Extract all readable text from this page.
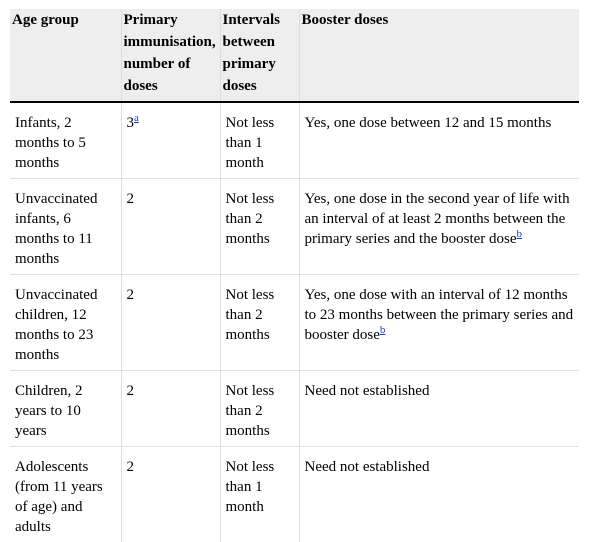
Age group	Primary immunisation, number of doses	Intervals between primary doses	Booster doses
Infants, 2 months to 5 months	3$^a$	Not less than 1 month	Yes, one dose between 12 and 15 months
Unvaccinated infants, 6 months to 11 months	2	Not less than 2 months	Yes, one dose in the second year of life with an interval of at least 2 months between the primary series and the booster dose$^b$
Unvaccinated children, 12 months to 23 months	2	Not less than 2 months	Yes, one dose with an interval of 12 months to 23 months between the primary series and booster dose$^b$
Children, 2 years to 10 years	2	Not less than 2 months	Need not established
Adolescents (from 11 years of age) and adults	2	Not less than 1 month	Need not established
